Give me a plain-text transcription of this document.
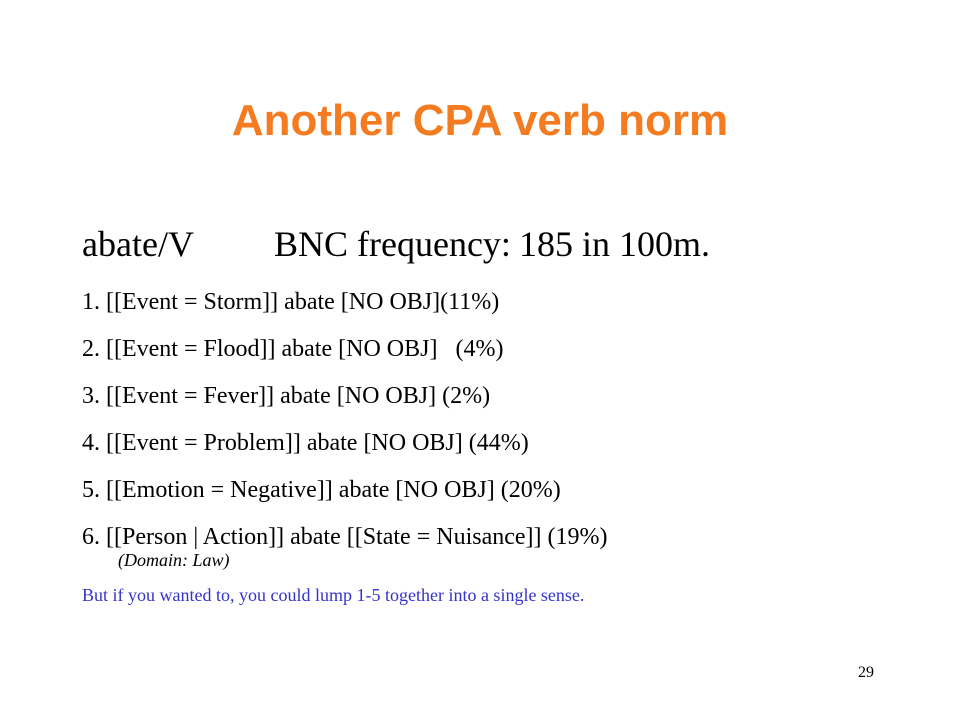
Another CPA verb norm
abate/V BNC frequency: 185 in 100m.
1. [[Event = Storm]] abate [NO OBJ](11%)
2. [[Event = Flood]] abate [NO OBJ]   (4%)
3. [[Event = Fever]] abate [NO OBJ] (2%)
4. [[Event = Problem]] abate [NO OBJ] (44%)
5. [[Emotion = Negative]] abate [NO OBJ] (20%)
6. [[Person | Action]] abate [[State = Nuisance]] (19%)
(Domain: Law)
But if you wanted to, you could lump 1-5 together into a single sense.
29
